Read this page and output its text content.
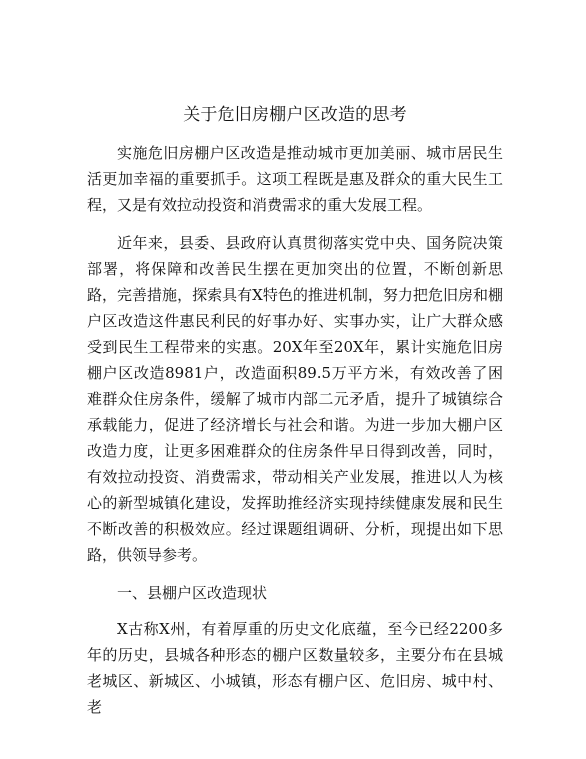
关于危旧房棚户区改造的思考

实施危旧房棚户区改造是推动城市更加美丽、城市居民生活更加幸福的重要抓手。这项工程既是惠及群众的重大民生工程，又是有效拉动投资和消费需求的重大发展工程。

近年来，县委、县政府认真贯彻落实党中央、国务院决策部署，将保障和改善民生摆在更加突出的位置，不断创新思路，完善措施，探索具有X特色的推进机制，努力把危旧房和棚户区改造这件惠民利民的好事办好、实事办实，让广大群众感受到民生工程带来的实惠。20X年至20X年，累计实施危旧房棚户区改造8981户，改造面积89.5万平方米，有效改善了困难群众住房条件，缓解了城市内部二元矛盾，提升了城镇综合承载能力，促进了经济增长与社会和谐。为进一步加大棚户区改造力度，让更多困难群众的住房条件早日得到改善，同时，有效拉动投资、消费需求，带动相关产业发展，推进以人为核心的新型城镇化建设，发挥助推经济实现持续健康发展和民生不断改善的积极效应。经过课题组调研、分析，现提出如下思路，供领导参考。

一、县棚户区改造现状

X古称X州，有着厚重的历史文化底蕴，至今已经2200多年的历史，县城各种形态的棚户区数量较多，主要分布在县城老城区、新城区、小城镇，形态有棚户区、危旧房、城中村、老
